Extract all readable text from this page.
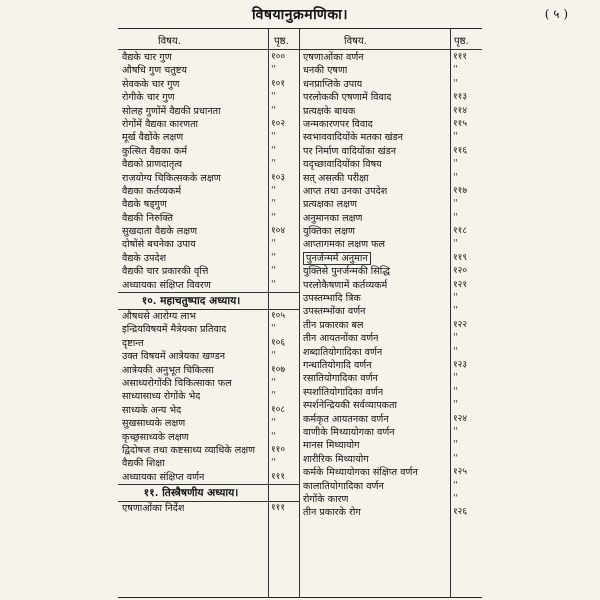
विषयानुक्रमणिका।	( ५ )
विषय.	पृष्ठ.	विषय.	पृष्ठ.
वैद्यके चार गुण	१००
औषधि गुण चतुष्टय	''
सेवकके चार गुण	१०१
रोगीके चार गुण	''
सोलह गुणोंमें वैद्यकी प्रधानता	''
रोगोंमें वैद्यका कारणता	१०२
मूर्ख वैद्योंके लक्षण	''
कुत्सित वैद्यका कर्म	''
वैद्यको प्राणदातृत्व	''
राजयोग्य चिकित्सकके लक्षण	१०३
वैद्यका कर्तव्यकर्म	''
वैद्यके षड्गुण	''
वैद्यकी निरुक्ति	''
सुखदाता वैद्यके लक्षण	१०४
दोषोंसे बचनेका उपाय	''
वैद्यके उपदेश	''
वैद्यकी चार प्रकारकी वृत्ति	''
अध्यायका संक्षिप्त विवरण	''
१०. महाचतुष्पाद अध्याय।
औषधसे आरोग्य लाभ	१०५
इन्द्रियविषयमें मैत्रेयका प्रतिवाद	''
दृष्टान्त	१०६
उक्त विषयमें आत्रेयका खण्डन	''
आत्रेयकी अनुभूत चिकित्सा	१०७
असाध्यरोगोंकी चिकित्साका फल	''
साध्यासाध्य रोगोंके भेद	''
साध्यके अन्य भेद	१०८
सुखसाध्यके लक्षण	''
कृच्छ्रसाध्यके लक्षण	''
द्विदोषज तथा कष्टसाध्य व्याधिके लक्षण ११०
वैद्यकी शिक्षा	''
अध्यायका संक्षिप्त वर्णन	१११
११. तिस्त्रैषणीय अध्याय।
एषणाओंका निर्देश	१११
एषणाओंका वर्णन	१११
धनकी एषणा	''
धनप्राप्तिके उपाय	''
परलोककी एषणामें विवाद	११३
प्रत्यक्षके बाधक	११४
जन्मकारणपर विवाद	११५
स्वभाववादियोंके मतका खंडन	''
पर निर्माण वादियोंका खंडन	११६
यदृच्छावादियोंका विषय	''
सत् असत्की परीक्षा	''
आप्त तथा उनका उपदेश	११७
प्रत्यक्षका लक्षण	''
अनुमानका लक्षण	''
युक्तिका लक्षण	११८
आप्तागमका लक्षण फल	''
पुनर्जन्ममें अनुमान	११९
युक्तिसे पुनर्जन्मकी सिद्धि	१२०
परलोकैषणामें कर्तव्यकर्म	१२१
उपस्तम्भादि त्रिक	''
उपस्तम्भोंका वर्णन	''
तीन प्रकारका बल	१२२
तीन आयतनोंका वर्णन	''
शब्दातियोगादिका वर्णन	''
गन्धातियोगादि वर्णन	१२३
रसातियोगादिका वर्णन	''
स्पर्शातियोगादिका वर्णन	''
स्पर्शनेन्द्रियकी सर्वव्यापकता	''
कर्मकृत आयतनका वर्णन	१२४
वाणीके मिथ्यायोगका वर्णन	''
मानस मिथ्यायोग	''
शारीरिक मिथ्यायोग	''
कर्मके मिथ्यायोगका संक्षिप्त वर्णन	१२५
कालातियोगादिका वर्णन	''
रोगोंके कारण	''
तीन प्रकारके रोग	१२६
